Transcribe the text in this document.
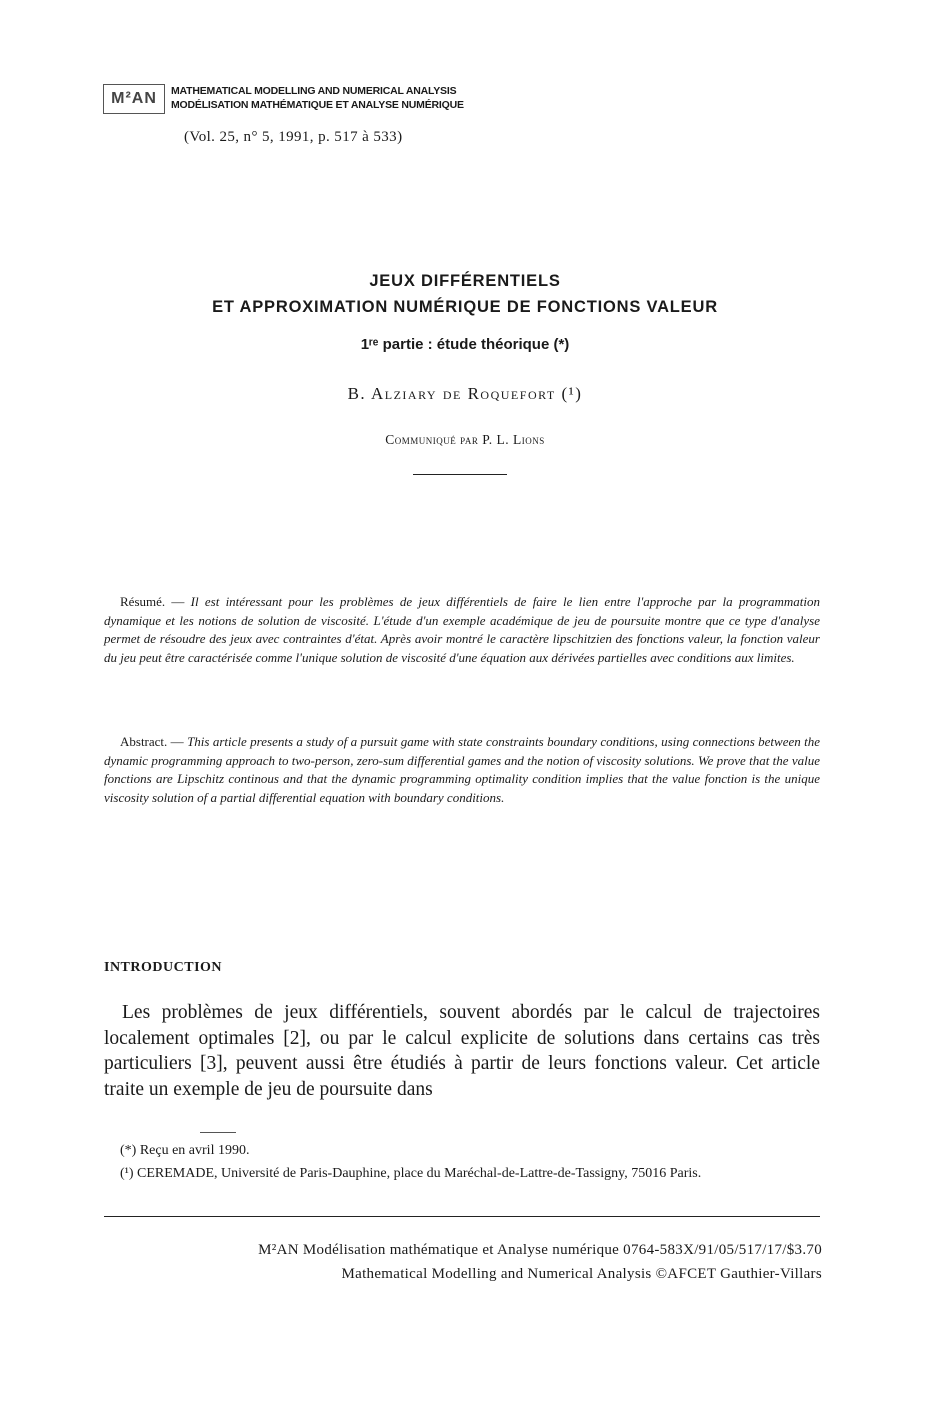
M²AN	MATHEMATICAL MODELLING AND NUMERICAL ANALYSIS
MODÉLISATION MATHÉMATIQUE ET ANALYSE NUMÉRIQUE
(Vol. 25, n° 5, 1991, p. 517 à 533)
JEUX DIFFÉRENTIELS
ET APPROXIMATION NUMÉRIQUE DE FONCTIONS VALEUR
1ʳᵉ partie : étude théorique (*)
B. Alziary de Roquefort (¹)
Communiqué par P. L. Lions
Résumé. — Il est intéressant pour les problèmes de jeux différentiels de faire le lien entre l'approche par la programmation dynamique et les notions de solution de viscosité. L'étude d'un exemple académique de jeu de poursuite montre que ce type d'analyse permet de résoudre des jeux avec contraintes d'état. Après avoir montré le caractère lipschitzien des fonctions valeur, la fonction valeur du jeu peut être caractérisée comme l'unique solution de viscosité d'une équation aux dérivées partielles avec conditions aux limites.
Abstract. — This article presents a study of a pursuit game with state constraints boundary conditions, using connections between the dynamic programming approach to two-person, zero-sum differential games and the notion of viscosity solutions. We prove that the value fonctions are Lipschitz continous and that the dynamic programming optimality condition implies that the value fonction is the unique viscosity solution of a partial differential equation with boundary conditions.
INTRODUCTION
Les problèmes de jeux différentiels, souvent abordés par le calcul de trajectoires localement optimales [2], ou par le calcul explicite de solutions dans certains cas très particuliers [3], peuvent aussi être étudiés à partir de leurs fonctions valeur. Cet article traite un exemple de jeu de poursuite dans
(*) Reçu en avril 1990.
(¹) CEREMADE, Université de Paris-Dauphine, place du Maréchal-de-Lattre-de-Tassigny, 75016 Paris.
M²AN Modélisation mathématique et Analyse numérique 0764-583X/91/05/517/17/$3.70
Mathematical Modelling and Numerical Analysis ©AFCET Gauthier-Villars
